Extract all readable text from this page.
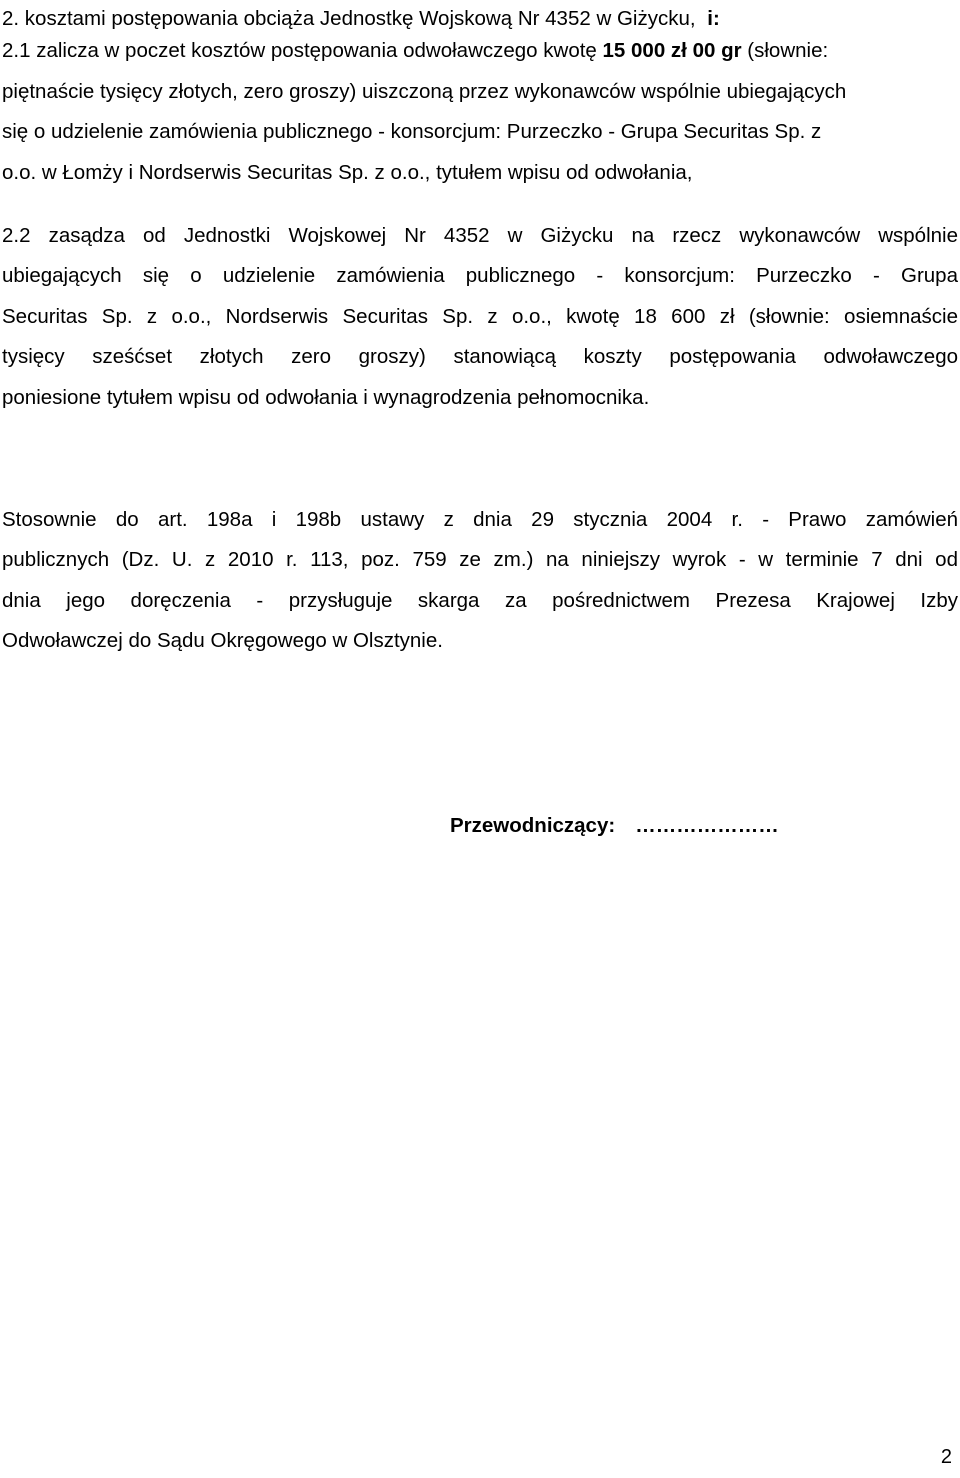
2. kosztami postępowania obciąża Jednostkę Wojskową Nr 4352 w Giżycku, i:
2.1 zalicza w poczet kosztów postępowania odwoławczego kwotę 15 000 zł 00 gr (słownie:
piętnaście tysięcy złotych, zero groszy) uiszczoną przez wykonawców wspólnie ubiegających
się o udzielenie zamówienia publicznego - konsorcjum: Purzeczko - Grupa Securitas Sp. z
o.o. w Łomży i Nordserwis Securitas Sp. z o.o., tytułem wpisu od odwołania,
2.2 zasądza od Jednostki Wojskowej Nr 4352 w Giżycku na rzecz wykonawców wspólnie
ubiegających się o udzielenie zamówienia publicznego - konsorcjum: Purzeczko - Grupa
Securitas Sp. z o.o., Nordserwis Securitas Sp. z o.o., kwotę 18 600 zł (słownie: osiemnaście
tysięcy sześćset złotych zero groszy) stanowiącą koszty postępowania odwoławczego
poniesione tytułem wpisu od odwołania i wynagrodzenia pełnomocnika.
Stosownie do art. 198a i 198b ustawy z dnia 29 stycznia 2004 r. - Prawo zamówień
publicznych (Dz. U. z 2010 r. 113, poz. 759 ze zm.) na niniejszy wyrok - w terminie 7 dni od
dnia jego doręczenia - przysługuje skarga za pośrednictwem Prezesa Krajowej Izby
Odwoławczej do Sądu Okręgowego w Olsztynie.
Przewodniczący: …………………
2
